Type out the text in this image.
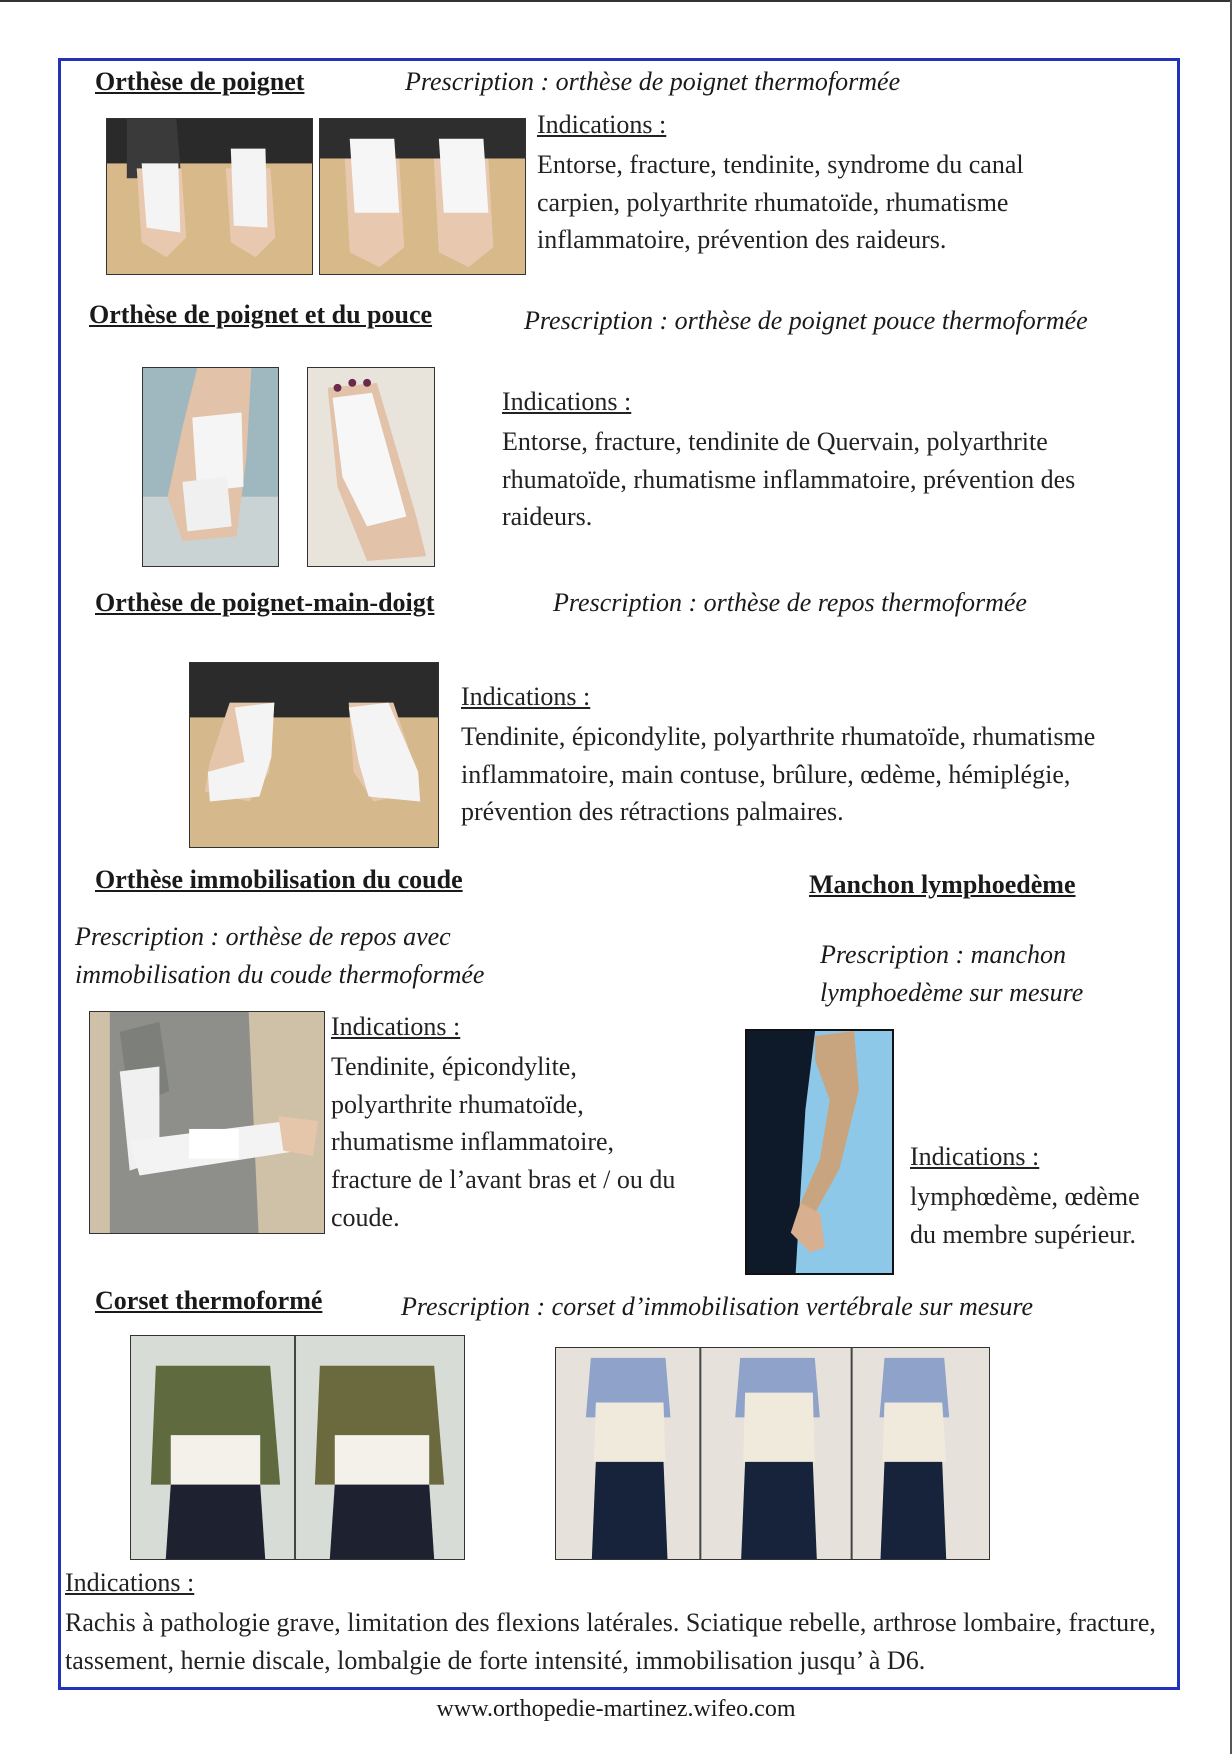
Orthèse de poignet	Prescription : orthèse de poignet thermoformée
Indications :
Entorse, fracture, tendinite, syndrome du canal carpien, polyarthrite rhumatoïde, rhumatisme inflammatoire, prévention des raideurs.
Orthèse de poignet et du pouce	Prescription : orthèse de poignet pouce thermoformée
Indications :
Entorse, fracture, tendinite de Quervain, polyarthrite rhumatoïde, rhumatisme inflammatoire, prévention des raideurs.
Orthèse de poignet-main-doigt	Prescription : orthèse de repos thermoformée
Indications :
Tendinite, épicondylite, polyarthrite rhumatoïde, rhumatisme inflammatoire, main contuse, brûlure, œdème, hémiplégie, prévention des rétractions palmaires.
Orthèse immobilisation du coude
Prescription : orthèse de repos avec immobilisation du coude thermoformée
Indications :
Tendinite, épicondylite, polyarthrite rhumatoïde, rhumatisme inflammatoire, fracture de l’avant bras et / ou du coude.
Manchon lymphoedème
Prescription : manchon lymphoedème sur mesure
Indications :
lymphœdème, œdème du membre supérieur.
Corset thermoformé	Prescription : corset d’immobilisation vertébrale sur mesure
Indications :
Rachis à pathologie grave, limitation des flexions latérales. Sciatique rebelle, arthrose lombaire, fracture, tassement, hernie discale, lombalgie de forte intensité, immobilisation jusqu’ à D6.
www.orthopedie-martinez.wifeo.com
